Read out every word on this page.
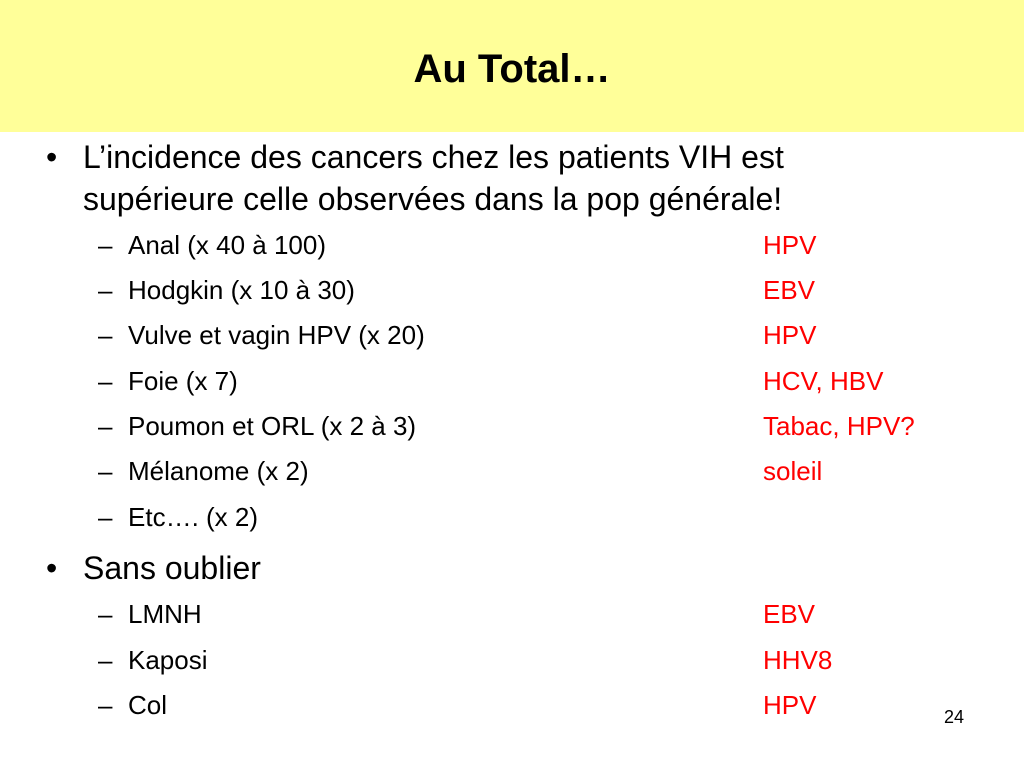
Au Total…
• L’incidence des cancers chez les patients VIH est
supérieure celle observées dans la pop générale!
– Anal (x 40 à 100)	HPV
– Hodgkin (x 10 à 30)	EBV
– Vulve et vagin HPV (x 20)	HPV
– Foie (x 7)	HCV, HBV
– Poumon et ORL (x 2 à 3)	Tabac, HPV?
– Mélanome (x 2)	soleil
– Etc…. (x 2)
• Sans oublier
– LMNH	EBV
– Kaposi	HHV8
– Col	HPV	24
